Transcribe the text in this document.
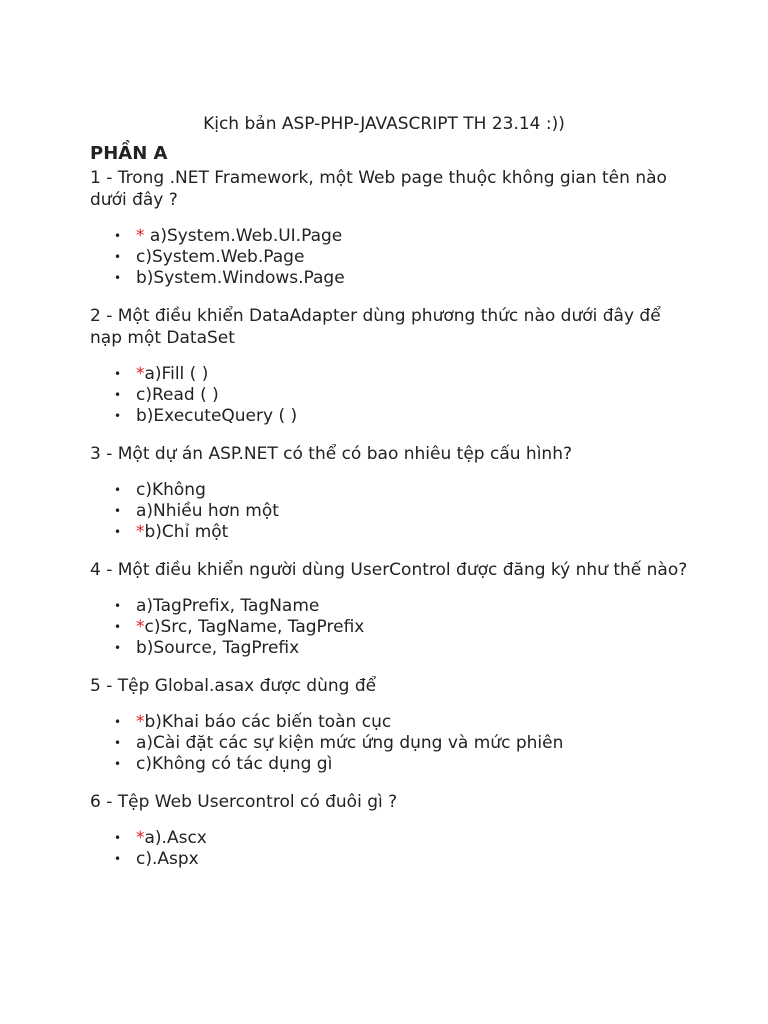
Kịch bản ASP-PHP-JAVASCRIPT TH 23.14 :))
PHẦN A

1 - Trong .NET Framework, một Web page thuộc không gian tên nào dưới đây ?

• * a)System.Web.UI.Page
• c)System.Web.Page
• b)System.Windows.Page

2 - Một điều khiển DataAdapter dùng phương thức nào dưới đây để nạp một DataSet

• *a)Fill ( )
• c)Read ( )
• b)ExecuteQuery ( )

3 - Một dự án ASP.NET có thể có bao nhiêu tệp cấu hình?

• c)Không
• a)Nhiều hơn một
• *b)Chỉ một

4 - Một điều khiển người dùng UserControl được đăng ký như thế nào?

• a)TagPrefix, TagName
• *c)Src, TagName, TagPrefix
• b)Source, TagPrefix

5 - Tệp Global.asax được dùng để

• *b)Khai báo các biến toàn cục
• a)Cài đặt các sự kiện mức ứng dụng và mức phiên
• c)Không có tác dụng gì

6 - Tệp Web Usercontrol có đuôi gì ?

• *a).Ascx
• c).Aspx
